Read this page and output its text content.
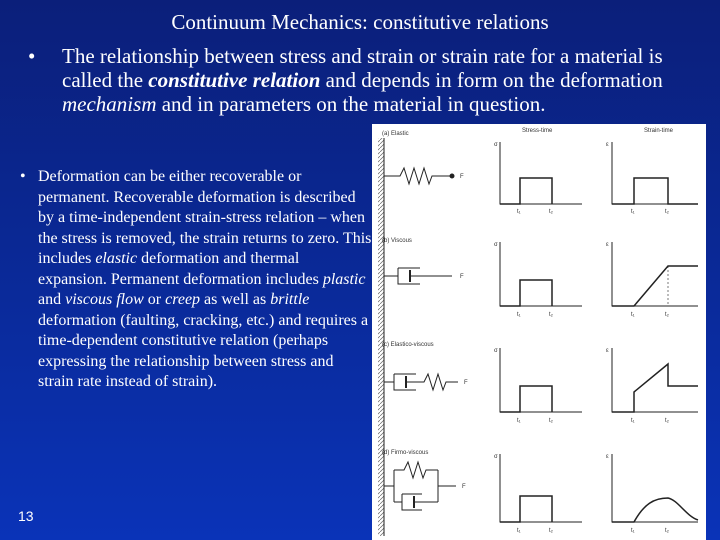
Continuum Mechanics: constitutive relations
• The relationship between stress and strain or strain rate for a material is called the constitutive relation and depends in form on the deformation mechanism and in parameters on the material in question.
• Deformation can be either recoverable or permanent. Recoverable deformation is described by a time-independent strain-stress relation – when the stress is removed, the strain returns to zero. This includes elastic deformation and thermal expansion. Permanent deformation includes plastic and viscous flow or creep as well as brittle deformation (faulting, cracking, etc.) and requires a time-dependent constitutive relation (perhaps expressing the relationship between stress and strain rate instead of strain).
13
Stress-time	Strain-time
(a) Elastic
F
σ
t₁	t₂
ε
t₁	t₂
(b) Viscous
F
σ
t₁	t₂
ε
t₁	t₂
(c) Elastico-viscous
F
σ
t₁	t₂
ε
t₁	t₂
(d) Firmo-viscous
F
σ
t₁	t₂
ε
t₁	t₂
